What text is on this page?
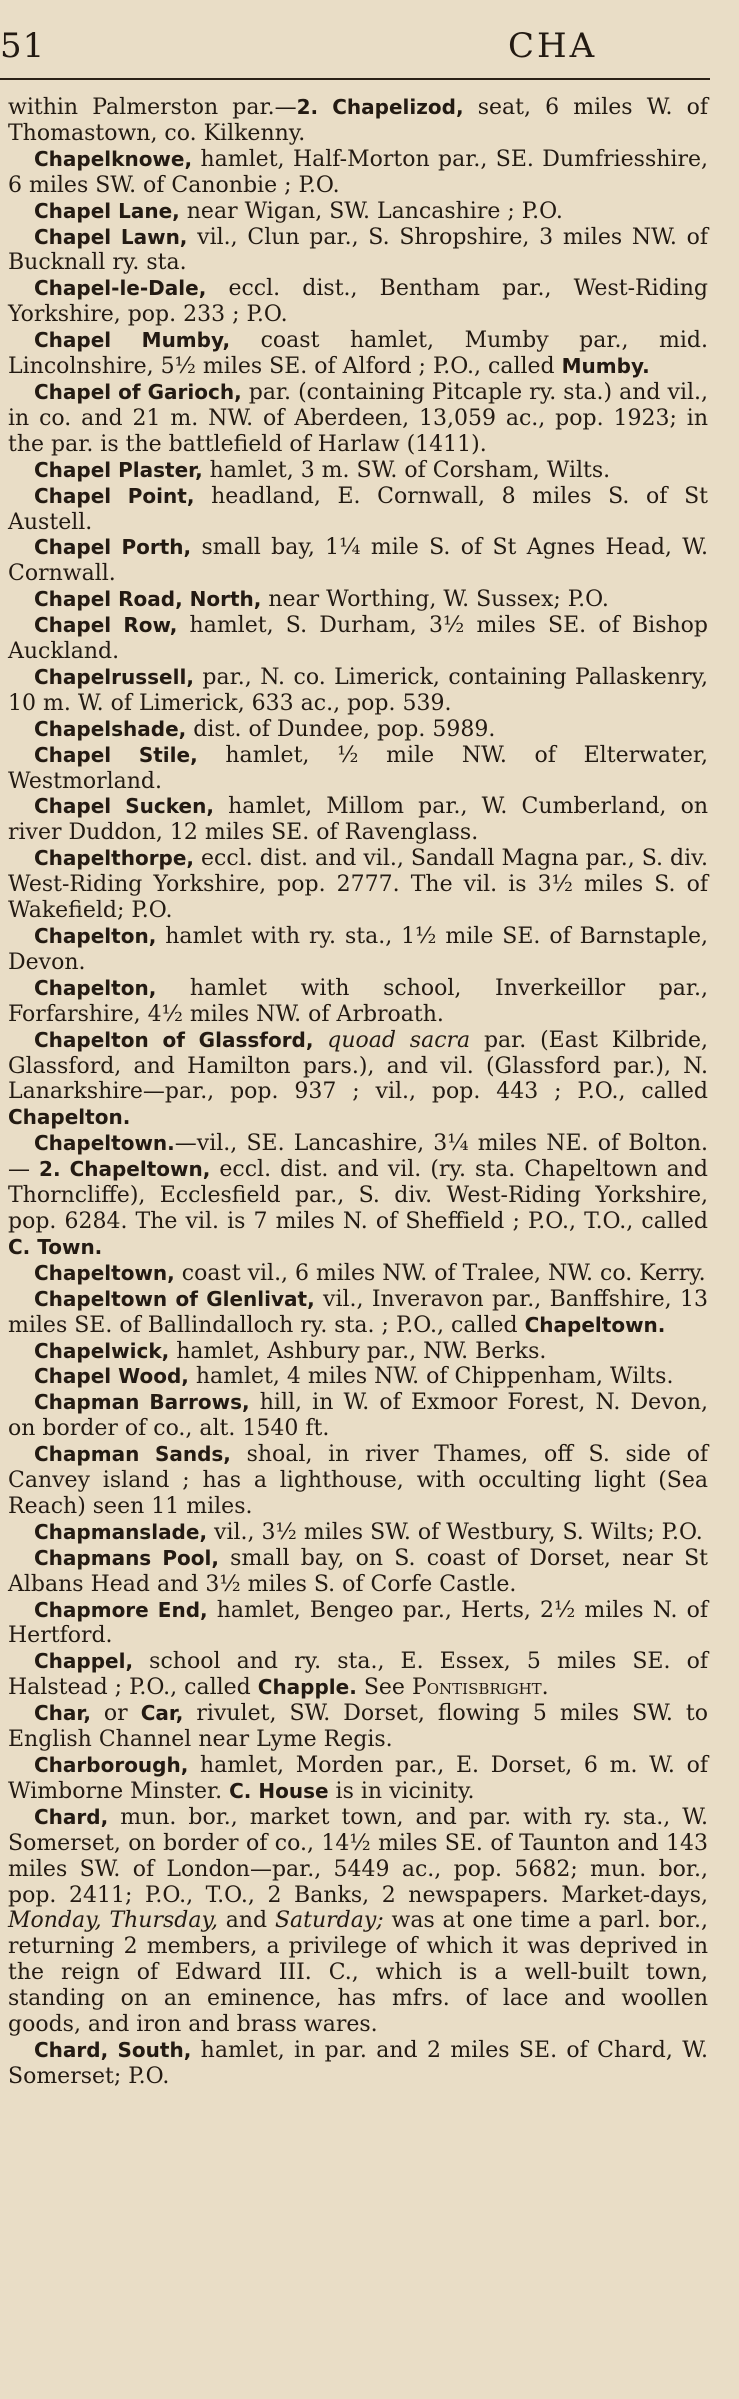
51	CHA

within Palmerston par.—2. Chapelizod, seat, 6 miles W. of Thomastown, co. Kilkenny.

Chapelknowe, hamlet, Half-Morton par., SE. Dumfriesshire, 6 miles SW. of Canonbie ; P.O.

Chapel Lane, near Wigan, SW. Lancashire ; P.O.

Chapel Lawn, vil., Clun par., S. Shropshire, 3 miles NW. of Bucknall ry. sta.

Chapel-le-Dale, eccl. dist., Bentham par., West-Riding Yorkshire, pop. 233 ; P.O.

Chapel Mumby, coast hamlet, Mumby par., mid. Lincolnshire, 5½ miles SE. of Alford ; P.O., called Mumby.

Chapel of Garioch, par. (containing Pitcaple ry. sta.) and vil., in co. and 21 m. NW. of Aberdeen, 13,059 ac., pop. 1923; in the par. is the battlefield of Harlaw (1411).

Chapel Plaster, hamlet, 3 m. SW. of Corsham, Wilts.

Chapel Point, headland, E. Cornwall, 8 miles S. of St Austell.

Chapel Porth, small bay, 1¼ mile S. of St Agnes Head, W. Cornwall.

Chapel Road, North, near Worthing, W. Sussex; P.O.

Chapel Row, hamlet, S. Durham, 3½ miles SE. of Bishop Auckland.

Chapelrussell, par., N. co. Limerick, containing Pallaskenry, 10 m. W. of Limerick, 633 ac., pop. 539.

Chapelshade, dist. of Dundee, pop. 5989.

Chapel Stile, hamlet, ½ mile NW. of Elterwater, Westmorland.

Chapel Sucken, hamlet, Millom par., W. Cumberland, on river Duddon, 12 miles SE. of Ravenglass.

Chapelthorpe, eccl. dist. and vil., Sandall Magna par., S. div. West-Riding Yorkshire, pop. 2777. The vil. is 3½ miles S. of Wakefield; P.O.

Chapelton, hamlet with ry. sta., 1½ mile SE. of Barnstaple, Devon.

Chapelton, hamlet with school, Inverkeillor par., Forfarshire, 4½ miles NW. of Arbroath.

Chapelton of Glassford, quoad sacra par. (East Kilbride, Glassford, and Hamilton pars.), and vil. (Glassford par.), N. Lanarkshire—par., pop. 937 ; vil., pop. 443 ; P.O., called Chapelton.

Chapeltown.—vil., SE. Lancashire, 3¼ miles NE. of Bolton. — 2. Chapeltown, eccl. dist. and vil. (ry. sta. Chapeltown and Thorncliffe), Ecclesfield par., S. div. West-Riding Yorkshire, pop. 6284. The vil. is 7 miles N. of Sheffield ; P.O., T.O., called C. Town.

Chapeltown, coast vil., 6 miles NW. of Tralee, NW. co. Kerry.

Chapeltown of Glenlivat, vil., Inveravon par., Banffshire, 13 miles SE. of Ballindalloch ry. sta. ; P.O., called Chapeltown.

Chapelwick, hamlet, Ashbury par., NW. Berks.

Chapel Wood, hamlet, 4 miles NW. of Chippenham, Wilts.

Chapman Barrows, hill, in W. of Exmoor Forest, N. Devon, on border of co., alt. 1540 ft.

Chapman Sands, shoal, in river Thames, off S. side of Canvey island ; has a lighthouse, with occulting light (Sea Reach) seen 11 miles.

Chapmanslade, vil., 3½ miles SW. of Westbury, S. Wilts; P.O.

Chapmans Pool, small bay, on S. coast of Dorset, near St Albans Head and 3½ miles S. of Corfe Castle.

Chapmore End, hamlet, Bengeo par., Herts, 2½ miles N. of Hertford.

Chappel, school and ry. sta., E. Essex, 5 miles SE. of Halstead ; P.O., called Chapple. See Pontisbright.

Char, or Car, rivulet, SW. Dorset, flowing 5 miles SW. to English Channel near Lyme Regis.

Charborough, hamlet, Morden par., E. Dorset, 6 m. W. of Wimborne Minster. C. House is in vicinity.

Chard, mun. bor., market town, and par. with ry. sta., W. Somerset, on border of co., 14½ miles SE. of Taunton and 143 miles SW. of London—par., 5449 ac., pop. 5682; mun. bor., pop. 2411; P.O., T.O., 2 Banks, 2 newspapers. Market-days, Monday, Thursday, and Saturday; was at one time a parl. bor., returning 2 members, a privilege of which it was deprived in the reign of Edward III. C., which is a well-built town, standing on an eminence, has mfrs. of lace and woollen goods, and iron and brass wares.

Chard, South, hamlet, in par. and 2 miles SE. of Chard, W. Somerset; P.O.
